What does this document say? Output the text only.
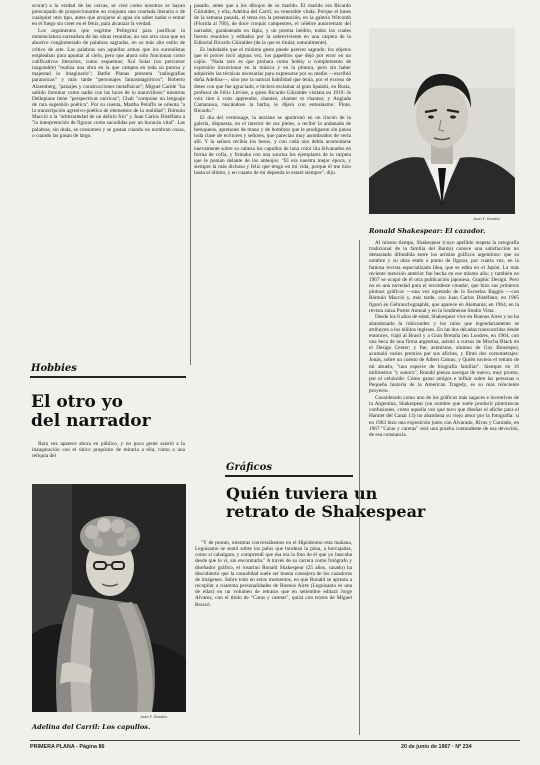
scorar) a la verdad de las cercas, se creó como nosotros se hayan preocupado de proporcionarme en conjunto una coartada literaria o de cualquier otro tipo, antes que arrojarse al agua sin saber nadar o entrar en el fuego sin creer en el fénix, para alcanzar la verdad.

Los argumentos que esgrime Pellegrini para justificar la nomenclatura surrealista de las obras reunidas, no son otra cosa que un abusivo conglomerado de palabras sagradas, en su más alto estilo de crítico de arte. Las palabras son aquellas armas que los surrealistas empleaban para apuntar al cielo, pero que ahora sólo funcionan como calificativos literarios, como esquemas; Xul Solar (un precursor inagotable) "realiza una obra en la que campea en toda su pureza y majestad lo imaginario"; Batlle Planas presenta "radiografías paranoicas" y más tarde "personajes fantasmagóricos"; Roberto Aizemberg, "paisajes y construcciones metafísicas"; Miguel Caride "ha sabido iluminar como nadie con las luces de lo maravilloso" mientras Dellepiane tiene "perspectivas oníricas"; Chab "compone un lenguaje de rara sugestión poética". Por su cuenta, Martha Peluffo se orienta "a la transcripción agresivo-poética de elementos de la realidad"; Rómulo Macció a la "arbitrariedad de un delirio frío" y Juan Carlos Distéfano a "la interpretación de figuras como sacudidas por un huracán vital". Las palabras, sin duda, se consumen y se gastan cuando no nombran cosas, o cuando las pasan de largo.

Hobbies
El otro yo
del narrador

Rara vez aparece ahora en público, y no poca gente asistió a la inauguración con el único propósito de mirarla a ella, como a una reliquia del

Juan F. Bustelo
Adelina del Carril: Los capullos.

pasado, antes que a los dibujos de su marido. El marido era Ricardo Güiraldes, y ella, Adelina del Carril, su venerable viuda. Porque el lunes de la semana pasada, el tema era la presentación, en la galería Witcomb (Florida al 700), de doce croquis campestres, el célebre autorretrato del narrador, garabateado en lápiz, y un poema inédito, todos los cuales fueron reunidos y editados por la sobreviviente en una carpeta de la Editorial Ricardo Güiraldes (de la que es titular, naturalmente).

Es indudable que el mínimo gesto puede parecer sagrado: los objetos que el prócer tocó alguna vez, los papelitos que dejó por error en un cajón. "Nada raro es que probara como hobby o complemento de expresión incursionar en la música y en la pintura, pero sin haber adquirido las técnicas necesarias para expresarse por su medio —escribió doña Adelina—, sino por la natural habilidad que tenía, por el exceso de dotes con que fue agraciado, e hiciera esclamar al gran Spatzki, en Rusia, profesor de Félix Litvine, a quien Ricardo Güiraldes visitara en 1910: Je vois rien à vous apprendre, chantez, chanter et chantez; y Anglada Camarassa, rascándose la barba, le dijera con entusiasmo: Pinte, Ricardo."

El día del vernissage, la anciana se apoltronó en un rincón de la galería, dispuesta, en el interior de sus pieles, a recibir la andanada de besuqueos, apretones de mano y de hombros que le prodigaron sin pausa toda clase de ecritores y señores, que parecían muy asombrados de verla allí. Y la señora recibía los besos, y con cada uno debía acomodarse nuevamente sobre su cabeza los capullos de lana color lila hilvanados en forma de cofia, y firmaba con una sonrisa los ejemplares de la carpeta que le ponían delante de los anteojos. "El era nuestra mejor época, y siempre la más dichosa y feliz que tengo en mi vida, porque él me hizo hasta el último, y en cuanto de mí dependa lo estaré siempre", dijo.

Gráficos
Quién tuviera un
retrato de Shakespear

"Y de pronto, mientras conversábamos en el Hipódromo esta mañana, Leguisamo se sentó sobre los palos que bordean la pista, a horcajadas, como si cabalgara, y comprendí que ésa era la foto de él que yo buscaba desde que lo vi, sin encontrarla." A través de su carrera como fotógrafo y diseñador gráfico, el rosarino Ronald Shakespear (25 años, casado) ha descubierto que la casualidad suele ser buena consejera de los cazadores de imágenes. Sobre todo en estos momentos, en que Ronald se apresta a recopilar a cuarenta personalidades de Buenos Aires (Leguisamo es una de ellas) en un volumen de retratos que en setiembre editará Jorge Alvarez, con el título de "Caras y caretas", quizá con textos de Miguel Brascó.

Juan F. Bustelo
Ronald Shakespear: El cazador.

Al mismo tiempo, Shakespear (cuyo apellido respeta la ortografía tradicional de la familia del Bardo) conoce una satisfacción no demasiado difundida entre los artistas gráficos argentinos: que su nombre y su obra estén a punto de figurar, por cuarta vez, en la famosa revista especializada Idea, que se edita en el Japón. La más reciente mención anterior fue hecha en ese mismo año; y también en 1967 se ocupó de él otra publicación japonesa, Graphic Design. Pero no es una novedad para el recordeste creador, que hizo sus primeros pininos gráficos —una vez egresado de la Escuelas Raggio —con Rómulo Macció y, más tarde, con Juan Carlos Distéfano; en 1965 figuró en Gebrauchsgraphik, que aparece en Alemania; en 1964, en la revista suiza Poster Annual y en la londinense Studio Vista.

Desde los 8 años de edad, Shakespear vive en Buenos Aires y no ha abandonado la rubicundez y los rulos que legendariamente se atribuyen a los niñitos ingleses. En las dos décadas transcurridas desde entonces, viajó al Brasil y a Gran Bretaña (en Londres, en 1964, con una beca de una firma argentina, asistió a cursos de Mischa Black en el Design Center; y fue, asimismo, alumno de Guy Bonsiepe), acumuló varios premios por sus afiches, y filmó dos cortometrajes: Jonás, sobre un cuento de Albert Camus, y Quién tuviera el retrato de mi abuelo, "una especie de biografía familiar". Siempre en 16 milímetros "y sonoro", Ronald piensa navegar de nuevo, muy pronto, por el celuloide: Cómo ganar amigos e influir sobre las personas o Pequeña historia de la American Tragedy, es su más reluciente proyecto.

Considerado como uno de los gráficos más sagaces e inventivos de la Argentina, Shakespear (un nombre que suele producir pintorescas confusiones, como aquella vez que tuvo que diseñar el afiche para el Hamlet del Canal 13) no abandona su viejo amor por la fotografía: si en 1963 hizo una exposición junto con Alvarado, Rivas y Conrado, en 1967 "Caras y caretas" será una prueba contundente de esa devoción, de esa constancia.

PRIMERA PLANA - Página 86	20 de junio de 1967 · Nº 234
